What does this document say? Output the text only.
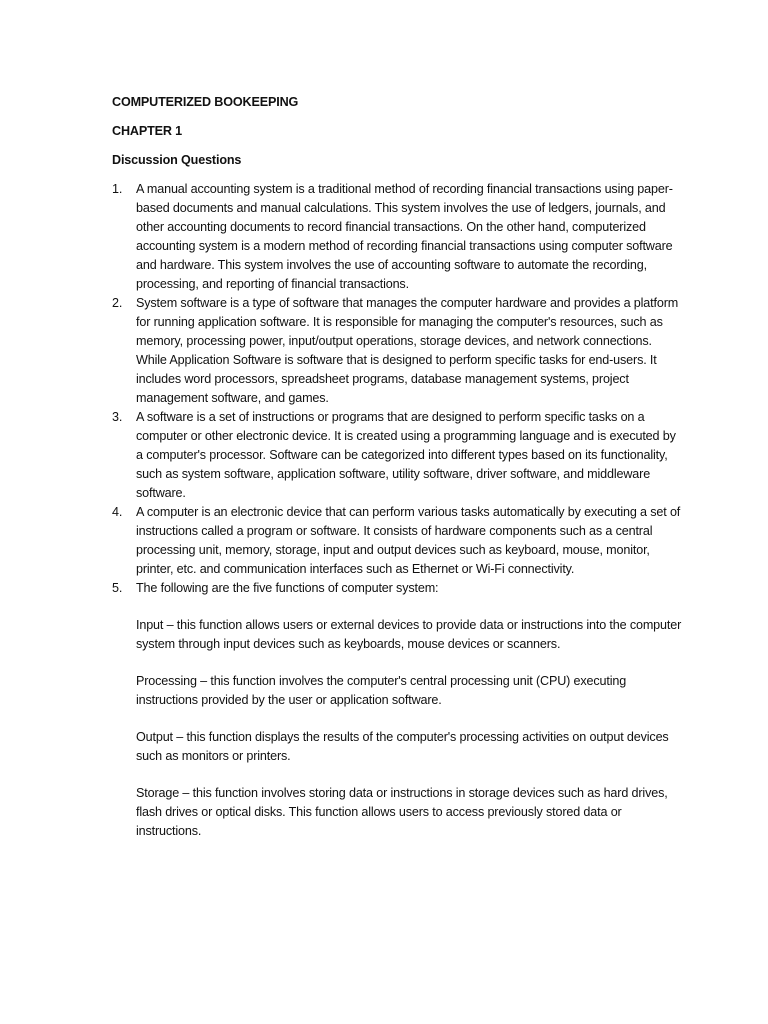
COMPUTERIZED BOOKEEPING

CHAPTER 1

Discussion Questions

1. A manual accounting system is a traditional method of recording financial transactions using paper-based documents and manual calculations. This system involves the use of ledgers, journals, and other accounting documents to record financial transactions. On the other hand, computerized accounting system is a modern method of recording financial transactions using computer software and hardware. This system involves the use of accounting software to automate the recording, processing, and reporting of financial transactions.

2. System software is a type of software that manages the computer hardware and provides a platform for running application software. It is responsible for managing the computer's resources, such as memory, processing power, input/output operations, storage devices, and network connections. While Application Software is software that is designed to perform specific tasks for end-users. It includes word processors, spreadsheet programs, database management systems, project management software, and games.

3. A software is a set of instructions or programs that are designed to perform specific tasks on a computer or other electronic device. It is created using a programming language and is executed by a computer's processor. Software can be categorized into different types based on its functionality, such as system software, application software, utility software, driver software, and middleware software.

4. A computer is an electronic device that can perform various tasks automatically by executing a set of instructions called a program or software. It consists of hardware components such as a central processing unit, memory, storage, input and output devices such as keyboard, mouse, monitor, printer, etc. and communication interfaces such as Ethernet or Wi-Fi connectivity.

5. The following are the five functions of computer system:

Input – this function allows users or external devices to provide data or instructions into the computer system through input devices such as keyboards, mouse devices or scanners.

Processing – this function involves the computer's central processing unit (CPU) executing instructions provided by the user or application software.

Output – this function displays the results of the computer's processing activities on output devices such as monitors or printers.

Storage – this function involves storing data or instructions in storage devices such as hard drives, flash drives or optical disks. This function allows users to access previously stored data or instructions.
